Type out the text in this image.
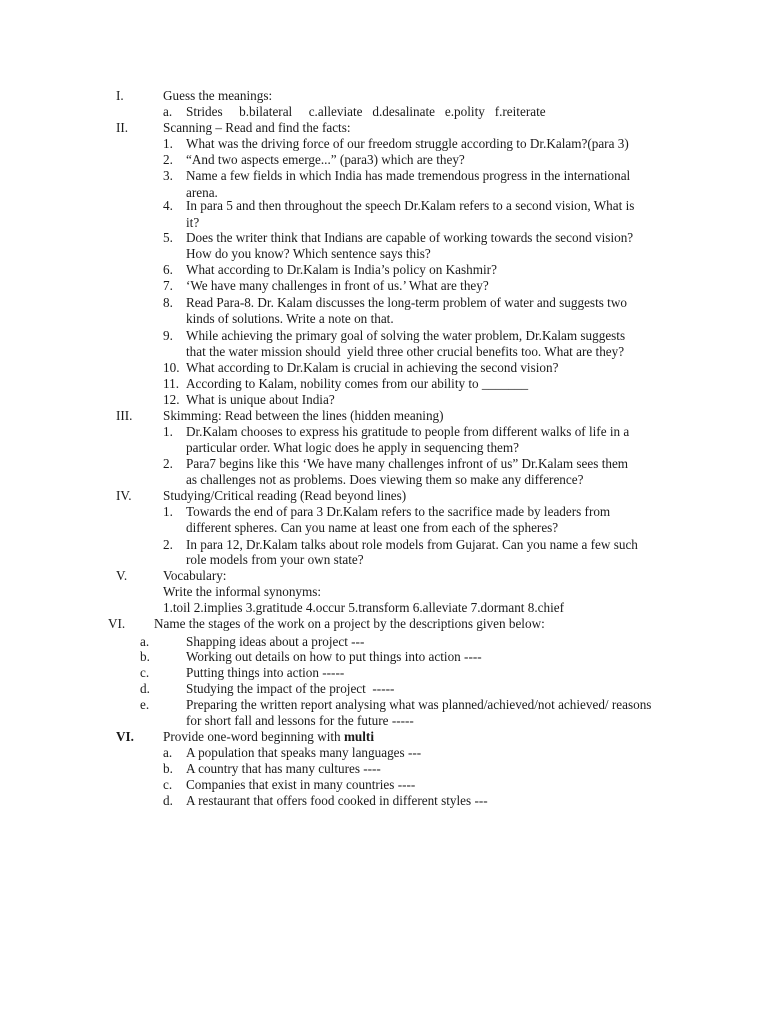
I.	Guess the meanings:
a. Strides     b.bilateral     c.alleviate   d.desalinate   e.polity   f.reiterate
II.	Scanning – Read and find the facts:
1. What was the driving force of our freedom struggle according to Dr.Kalam?(para 3)
2. “And two aspects emerge...” (para3) which are they?
3. Name a few fields in which India has made tremendous progress in the international
arena.
4. In para 5 and then throughout the speech Dr.Kalam refers to a second vision, What is
it?
5. Does the writer think that Indians are capable of working towards the second vision?
How do you know? Which sentence says this?
6. What according to Dr.Kalam is India’s policy on Kashmir?
7. ‘We have many challenges in front of us.’ What are they?
8. Read Para-8. Dr. Kalam discusses the long-term problem of water and suggests two
kinds of solutions. Write a note on that.
9. While achieving the primary goal of solving the water problem, Dr.Kalam suggests
that the water mission should  yield three other crucial benefits too. What are they?
10. What according to Dr.Kalam is crucial in achieving the second vision?
11. According to Kalam, nobility comes from our ability to _______
12. What is unique about India?
III. Skimming: Read between the lines (hidden meaning)
1. Dr.Kalam chooses to express his gratitude to people from different walks of life in a
particular order. What logic does he apply in sequencing them?
2. Para7 begins like this ‘We have many challenges infront of us” Dr.Kalam sees them
as challenges not as problems. Does viewing them so make any difference?
IV. Studying/Critical reading (Read beyond lines)
1. Towards the end of para 3 Dr.Kalam refers to the sacrifice made by leaders from
different spheres. Can you name at least one from each of the spheres?
2. In para 12, Dr.Kalam talks about role models from Gujarat. Can you name a few such
role models from your own state?
V.	Vocabulary:
Write the informal synonyms:
1.toil 2.implies 3.gratitude 4.occur 5.transform 6.alleviate 7.dormant 8.chief
VI. Name the stages of the work on a project by the descriptions given below:
a.	Shapping ideas about a project ---
b.	Working out details on how to put things into action ----
c.	Putting things into action -----
d.	Studying the impact of the project  -----
e.	Preparing the written report analysing what was planned/achieved/not achieved/ reasons
for short fall and lessons for the future -----
VI. Provide one-word beginning with multi
a. A population that speaks many languages ---
b. A country that has many cultures ----
c. Companies that exist in many countries ----
d. A restaurant that offers food cooked in different styles ---
